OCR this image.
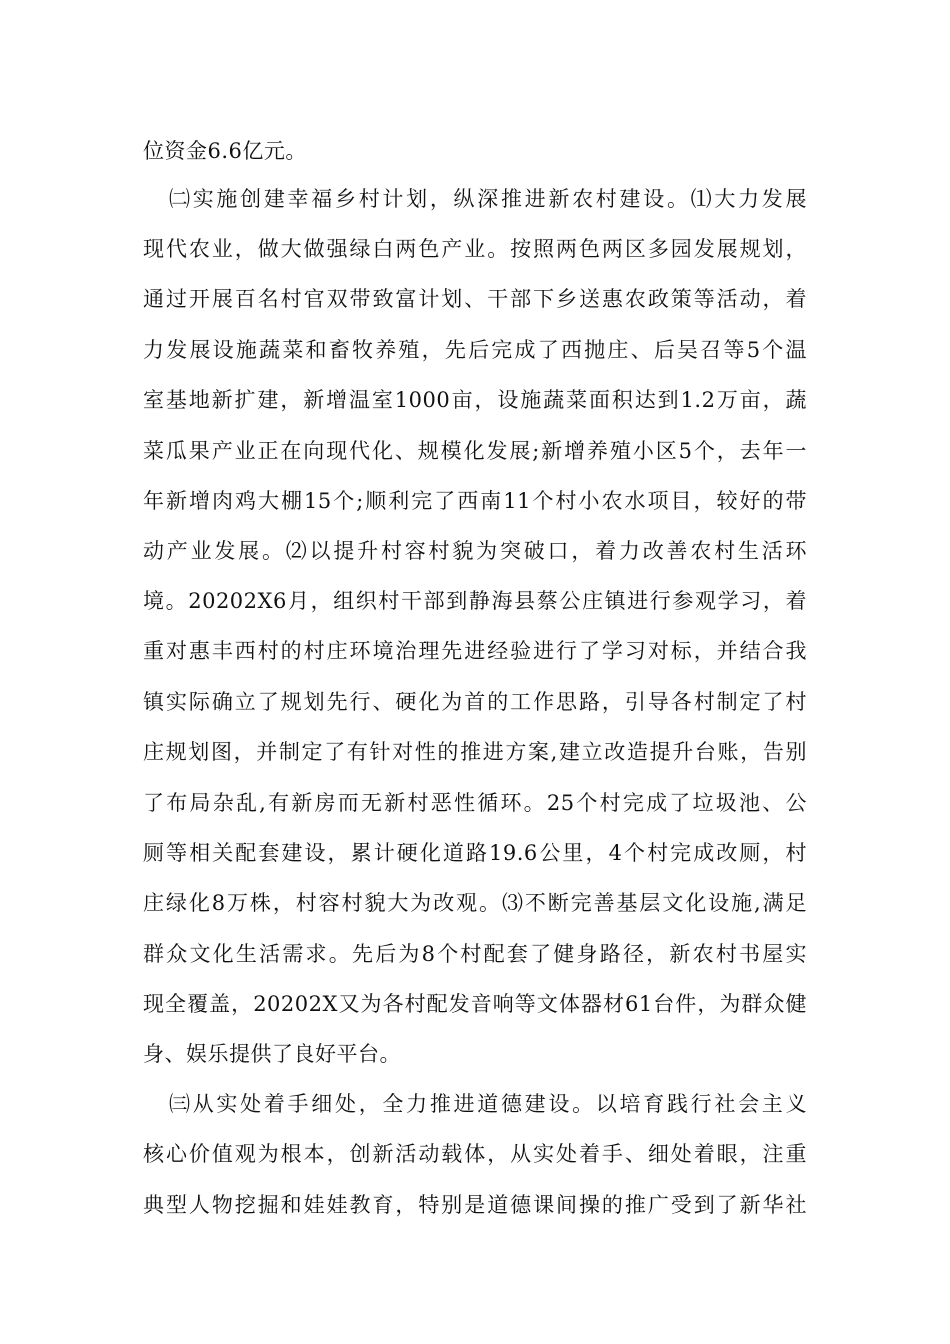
位资金6.6亿元。
㈡实施创建幸福乡村计划，纵深推进新农村建设。⑴大力发展
现代农业，做大做强绿白两色产业。按照两色两区多园发展规划，
通过开展百名村官双带致富计划、干部下乡送惠农政策等活动，着
力发展设施蔬菜和畜牧养殖，先后完成了西抛庄、后吴召等5个温
室基地新扩建，新增温室1000亩，设施蔬菜面积达到1.2万亩，蔬
菜瓜果产业正在向现代化、规模化发展;新增养殖小区5个，去年一
年新增肉鸡大棚15个;顺利完了西南11个村小农水项目，较好的带
动产业发展。⑵以提升村容村貌为突破口，着力改善农村生活环
境。20202X6月，组织村干部到静海县蔡公庄镇进行参观学习，着
重对惠丰西村的村庄环境治理先进经验进行了学习对标，并结合我
镇实际确立了规划先行、硬化为首的工作思路，引导各村制定了村
庄规划图，并制定了有针对性的推进方案,建立改造提升台账，告别
了布局杂乱,有新房而无新村恶性循环。25个村完成了垃圾池、公
厕等相关配套建设，累计硬化道路19.6公里，4个村完成改厕，村
庄绿化8万株，村容村貌大为改观。⑶不断完善基层文化设施,满足
群众文化生活需求。先后为8个村配套了健身路径，新农村书屋实
现全覆盖，20202X又为各村配发音响等文体器材61台件，为群众健
身、娱乐提供了良好平台。
㈢从实处着手细处，全力推进道德建设。以培育践行社会主义
核心价值观为根本，创新活动载体，从实处着手、细处着眼，注重
典型人物挖掘和娃娃教育，特别是道德课间操的推广受到了新华社
